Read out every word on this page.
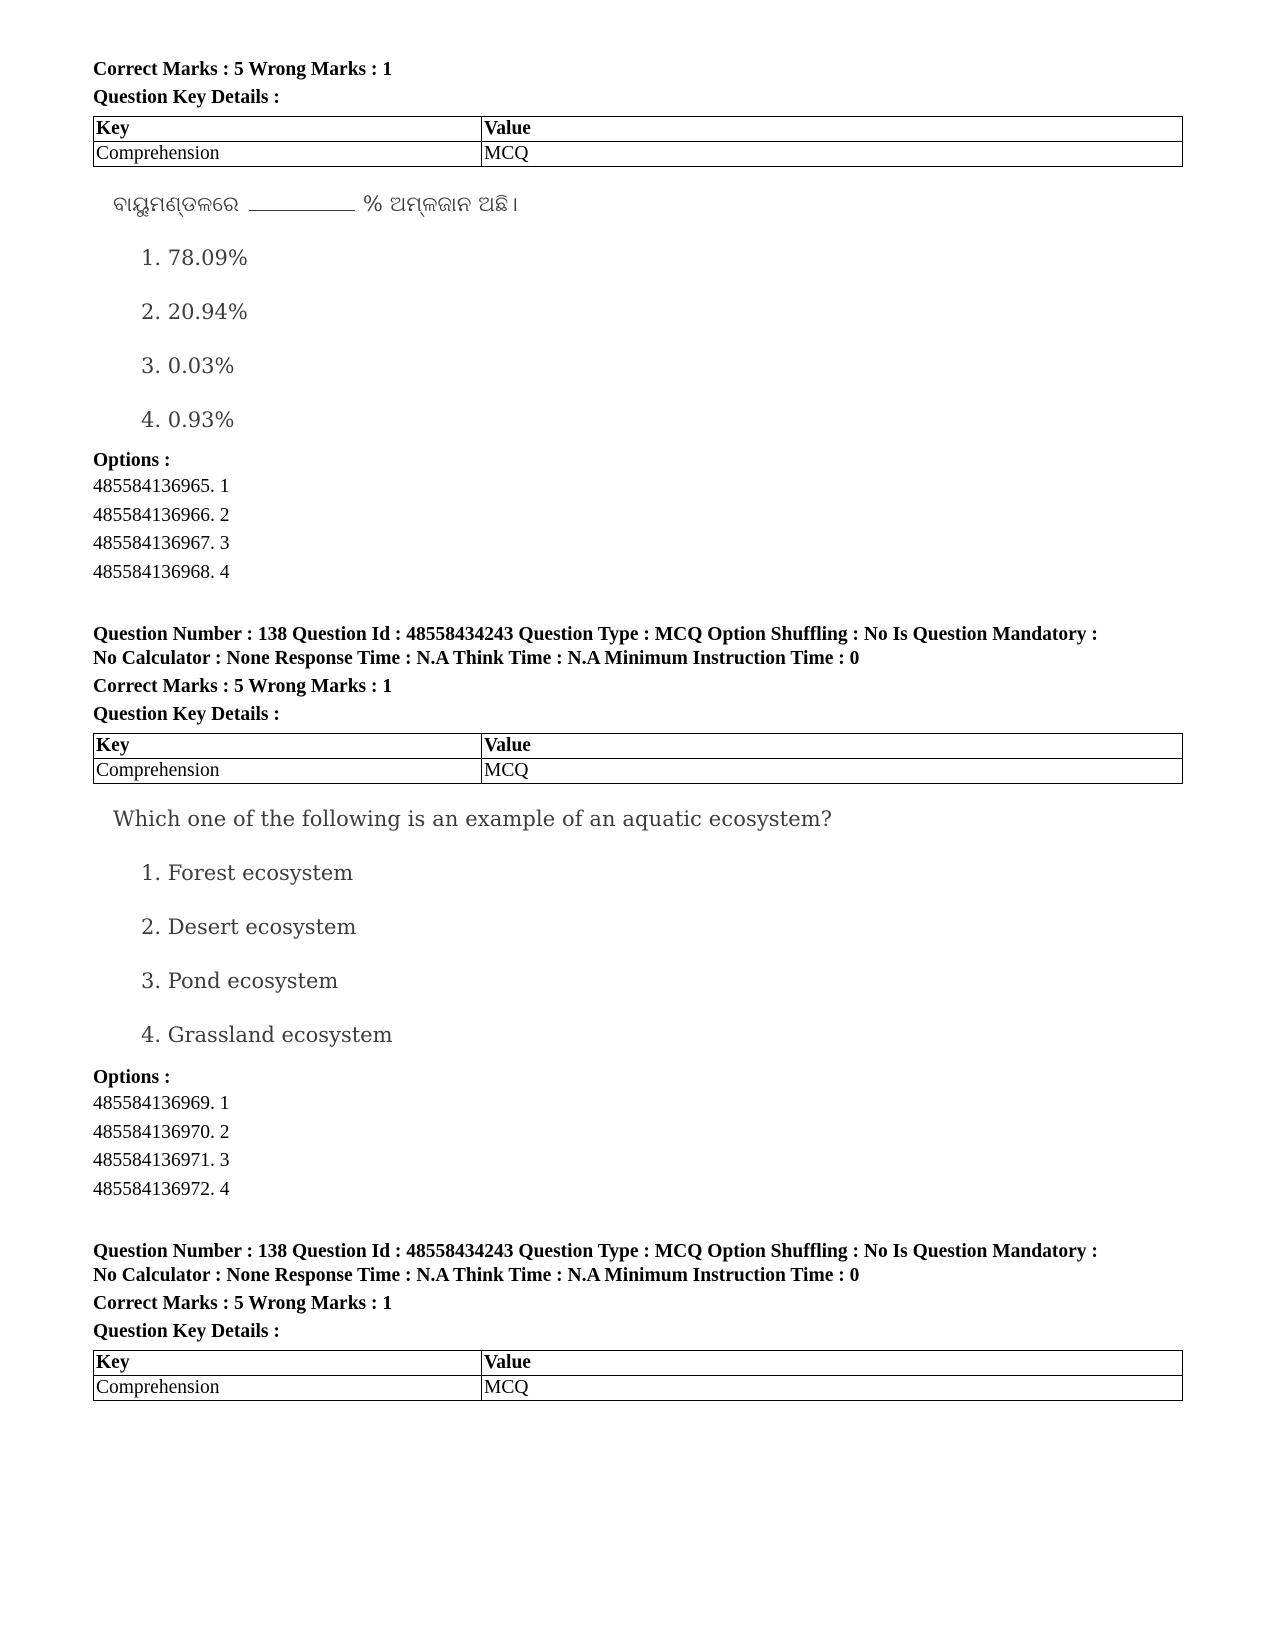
Correct Marks : 5 Wrong Marks : 1
Question Key Details :
Key	Value
Comprehension	MCQ
ବାୟୁମଣ୍ଡଳରେ	% ଅମ୍ଳଜାନ ଅଛି।
1. 78.09%
2. 20.94%
3. 0.03%
4. 0.93%
Options :
485584136965. 1
485584136966. 2
485584136967. 3
485584136968. 4
Question Number : 138 Question Id : 48558434243 Question Type : MCQ Option Shuffling : No Is Question Mandatory :
No Calculator : None Response Time : N.A Think Time : N.A Minimum Instruction Time : 0
Correct Marks : 5 Wrong Marks : 1
Question Key Details :
Key	Value
Comprehension	MCQ
Which one of the following is an example of an aquatic ecosystem?
1. Forest ecosystem
2. Desert ecosystem
3. Pond ecosystem
4. Grassland ecosystem
Options :
485584136969. 1
485584136970. 2
485584136971. 3
485584136972. 4
Question Number : 138 Question Id : 48558434243 Question Type : MCQ Option Shuffling : No Is Question Mandatory :
No Calculator : None Response Time : N.A Think Time : N.A Minimum Instruction Time : 0
Correct Marks : 5 Wrong Marks : 1
Question Key Details :
Key	Value
Comprehension	MCQ
